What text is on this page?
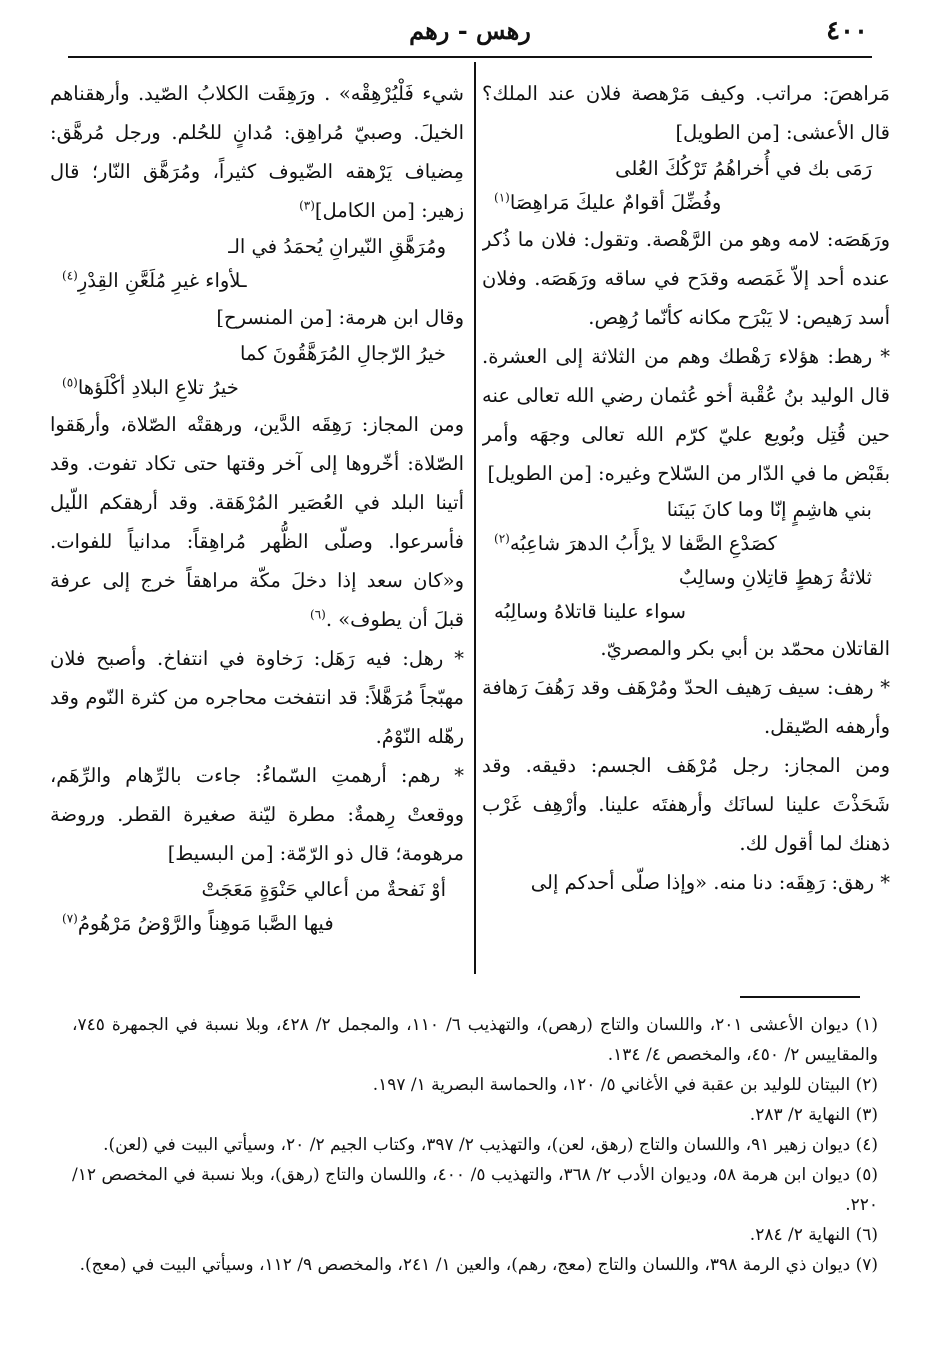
٤٠٠
رهس - رهم

مَراهصَ: مراتب. وكيف مَرْهصة فلان عند الملك؟ قال الأعشى: [من الطويل]

رَمَى بك في أُخراهُمُ تَرْكُكَ العُلى

وفُضِّلَ أقوامٌ عليكَ مَراهِصَا$^{(١)}$

ورَهَصَه: لامه وهو من الرَّهْصة. وتقول: فلان ما ذُكر عنده أحد إلاّ غَمَصه وقدَح في ساقه ورَهَصَه. وفلان أسد رَهيص: لا يَبْرَح مكانه كأنّما رُهِص.

* رهط: هؤلاء رَهْطك وهم من الثلاثة إلى العشرة. قال الوليد بنُ عُقْبة أخو عُثمان رضي الله تعالى عنه حين قُتِل وبُويع عليّ كرّم الله تعالى وجهَه وأمر بقَبْض ما في الدّار من السّلاح وغيره: [من الطويل]

بني هاشِمٍ إنّا وما كانَ بَينَنا

كصَدْعِ الصَّفا لا يرْأَبُ الدهرَ شاعِبُه$^{(٢)}$

ثلاثةُ رَهطٍ قاتِلانِ وسالِبٌ

سواء علينا قاتلاهُ وسالِبُه

القاتلان محمّد بن أبي بكر والمصريّ.

* رهف: سيف رَهيف الحدّ ومُرْهَف وقد رَهُفَ رَهافة وأرهفه الصّيقل.

ومن المجاز: رجل مُرْهَف الجسم: دقيقه. وقد شَحَذْتَ علينا لسانَك وأرهفتَه علينا. وأرْهِف غَرْب ذهنك لما أقول لك.

* رهق: رَهِقَه: دنا منه. «وإذا صلّى أحدكم إلى

شيء فَلْيُرْهِقْه» . ورَهِقَت الكلابُ الصّيد. وأرهقناهم الخيلَ. وصبيّ مُراهِق: مُدانٍ للحُلم. ورجل مُرهَّق: مِضياف يَرْهقه الضّيوف كثيراً، ومُرَهَّق النّار؛ قال زهير: [من الكامل]$^{(٣)}$

ومُرَهَّقِ النّيرانِ يُحمَدُ في الـ

ـلأواء غيرِ مُلَعَّنِ القِدْرِ$^{(٤)}$

وقال ابن هرمة: [من المنسرح]

خيرُ الرّجالِ المُرَهَّقُونَ كما

خيرُ تلاعِ البلادِ أكْلَؤها$^{(٥)}$

ومن المجاز: رَهِقَه الدَّين، ورهقتْه الصّلاة، وأرهَقوا الصّلاة: أخّروها إلى آخر وقتها حتى تكاد تفوت. وقد أتينا البلد في العُصَير المُرْهَقة. وقد أرهقكم اللّيل فأسرعوا. وصلّى الظُّهر مُراهِقاً: مدانياً للفوات. و«كان سعد إذا دخلَ مكّة مراهقاً خرج إلى عرفة قبلَ أن يطوف» .$^{(٦)}$

* رهل: فيه رَهَل: رَخاوة في انتفاخ. وأصبح فلان مهبّجاً مُرَهَّلاً: قد انتفخت محاجره من كثرة النّوم وقد رهّله النّوْمُ.

* رهم: أرهمتِ السّماءُ: جاءت بالرِّهام والرِّهَم، ووقعتْ رِهمةٌ: مطرة ليّنة صغيرة القطر. وروضة مرهومة؛ قال ذو الرّمّة: [من البسيط]

أوْ نَفحةٌ من أعالي حَنْوَةٍ مَعَجَتْ

فيها الصَّبا مَوهِناً والرَّوْضُ مَرْهُومُ$^{(٧)}$

(١) ديوان الأعشى ٢٠١، واللسان والتاج (رهص)، والتهذيب ٦/ ١١٠، والمجمل ٢/ ٤٢٨، وبلا نسبة في الجمهرة ٧٤٥، والمقاييس ٢/ ٤٥٠، والمخصص ٤/ ١٣٤.

(٢) البيتان للوليد بن عقبة في الأغاني ٥/ ١٢٠، والحماسة البصرية ١/ ١٩٧.

(٣) النهاية ٢/ ٢٨٣.

(٤) ديوان زهير ٩١، واللسان والتاج (رهق، لعن)، والتهذيب ٢/ ٣٩٧، وكتاب الجيم ٢/ ٢٠، وسيأتي البيت في (لعن).

(٥) ديوان ابن هرمة ٥٨، وديوان الأدب ٢/ ٣٦٨، والتهذيب ٥/ ٤٠٠، واللسان والتاج (رهق)، وبلا نسبة في المخصص ١٢/ ٢٢٠.

(٦) النهاية ٢/ ٢٨٤.

(٧) ديوان ذي الرمة ٣٩٨، واللسان والتاج (معج، رهم)، والعين ١/ ٢٤١، والمخصص ٩/ ١١٢، وسيأتي البيت في (معج).
